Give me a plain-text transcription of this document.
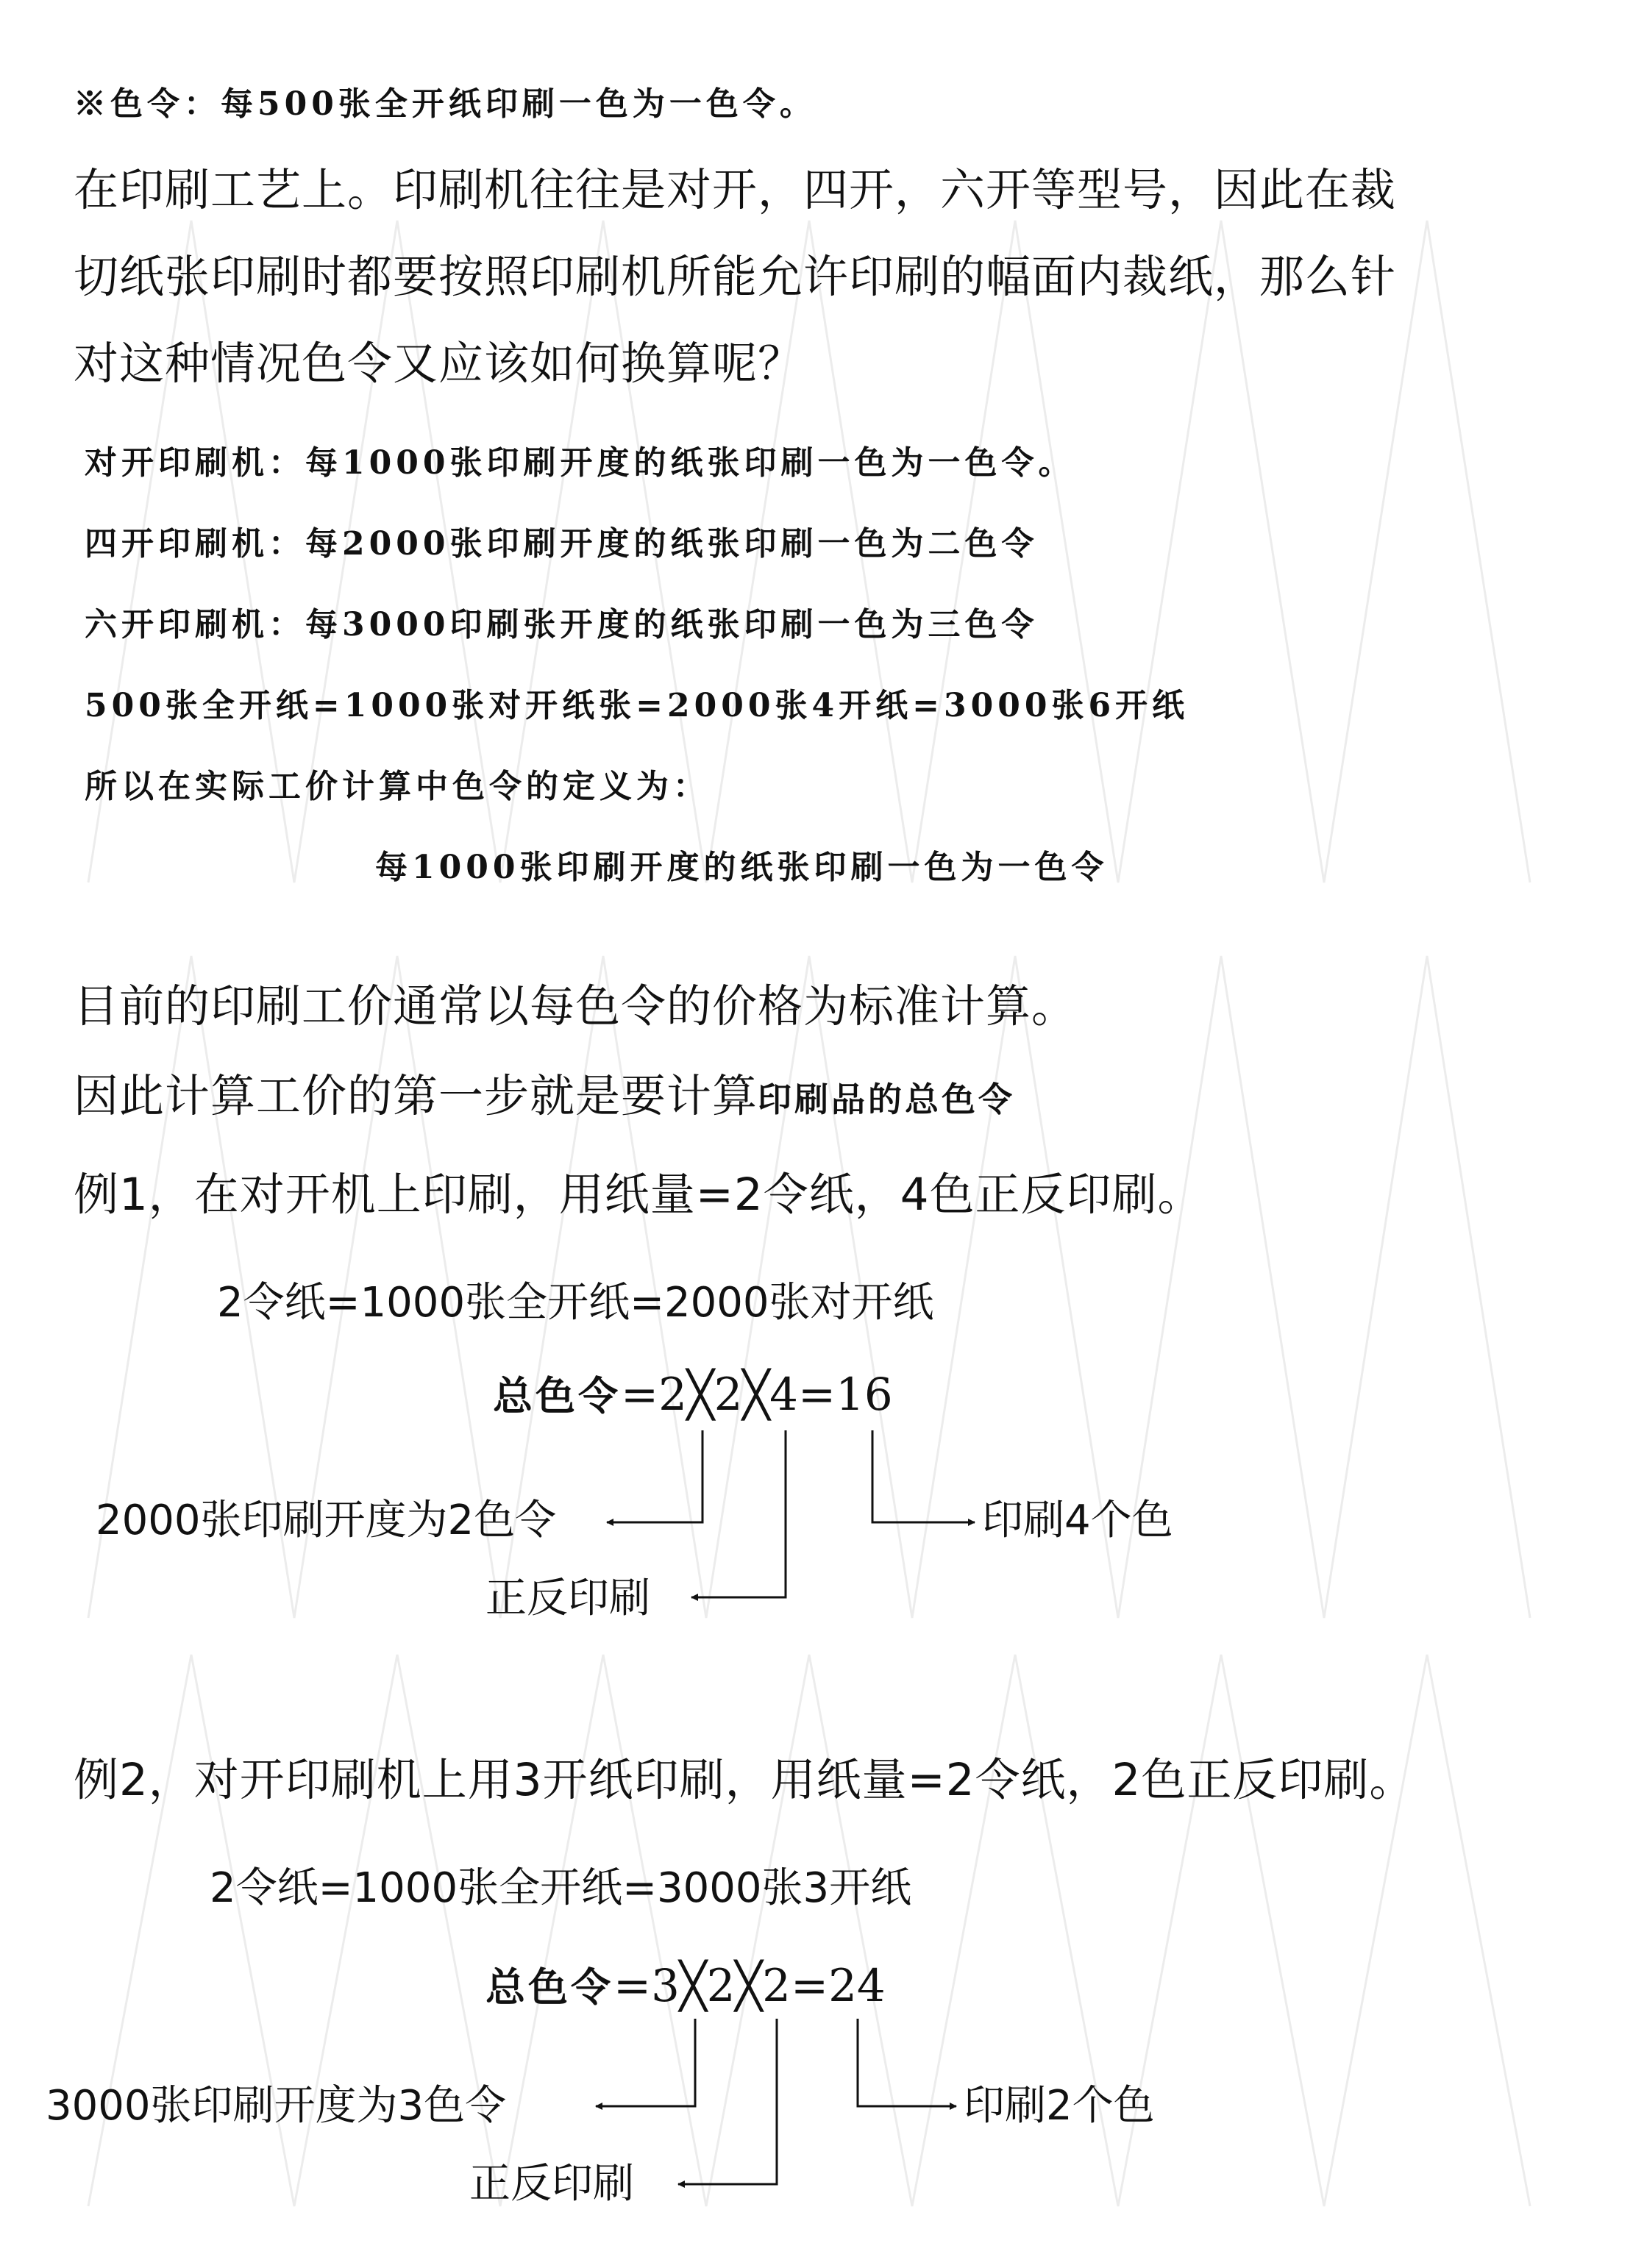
※色令：每500张全开纸印刷一色为一色令。
在印刷工艺上。印刷机往往是对开，四开，六开等型号，因此在裁
切纸张印刷时都要按照印刷机所能允许印刷的幅面内裁纸，那么针
对这种情况色令又应该如何换算呢？
对开印刷机：每1000张印刷开度的纸张印刷一色为一色令。
四开印刷机：每2000张印刷开度的纸张印刷一色为二色令
六开印刷机：每3000印刷张开度的纸张印刷一色为三色令
500张全开纸=1000张对开纸张=2000张4开纸=3000张6开纸
所以在实际工价计算中色令的定义为：
每1000张印刷开度的纸张印刷一色为一色令
目前的印刷工价通常以每色令的价格为标准计算。
因此计算工价的第一步就是要计算印刷品的总色令
例1，在对开机上印刷，用纸量=2令纸，4色正反印刷。
2令纸=1000张全开纸=2000张对开纸
总色令=2╳2╳4=16
2000张印刷开度为2色令
正反印刷
印刷4个色
例2，对开印刷机上用3开纸印刷，用纸量=2令纸，2色正反印刷。
2令纸=1000张全开纸=3000张3开纸
总色令=3╳2╳2=24
3000张印刷开度为3色令
正反印刷
印刷2个色
